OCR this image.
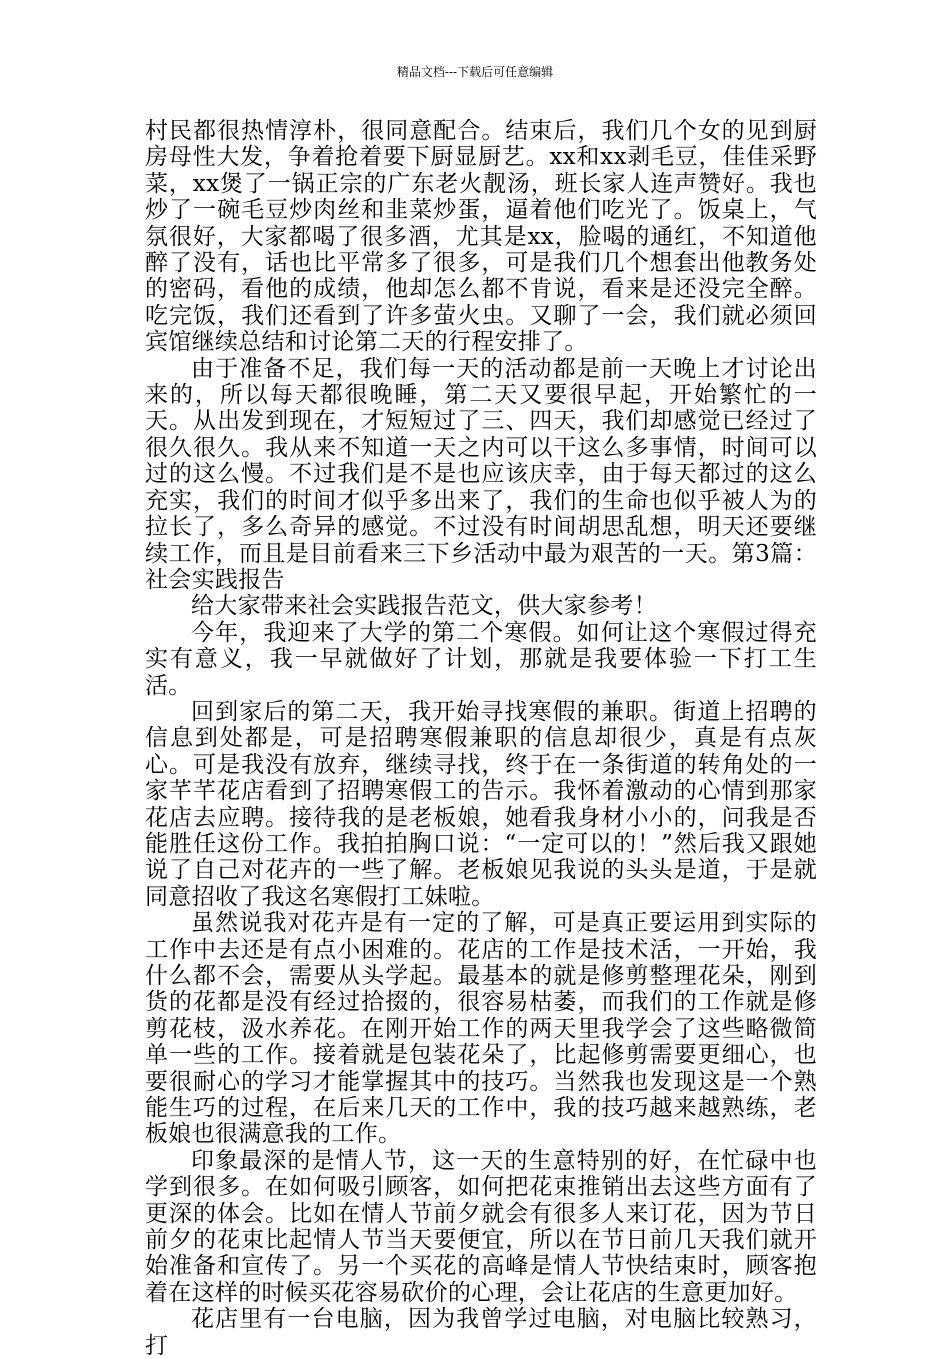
精品文档---下载后可任意编辑

村民都很热情淳朴，很同意配合。结束后，我们几个女的见到厨房母性大发，争着抢着要下厨显厨艺。xx和xx剥毛豆，佳佳采野菜，xx煲了一锅正宗的广东老火靓汤，班长家人连声赞好。我也炒了一碗毛豆炒肉丝和韭菜炒蛋，逼着他们吃光了。饭桌上，气氛很好，大家都喝了很多酒，尤其是xx，脸喝的通红，不知道他醉了没有，话也比平常多了很多，可是我们几个想套出他教务处的密码，看他的成绩，他却怎么都不肯说，看来是还没完全醉。吃完饭，我们还看到了许多萤火虫。又聊了一会，我们就必须回宾馆继续总结和讨论第二天的行程安排了。

由于准备不足，我们每一天的活动都是前一天晚上才讨论出来的，所以每天都很晚睡，第二天又要很早起，开始繁忙的一天。从出发到现在，才短短过了三、四天，我们却感觉已经过了很久很久。我从来不知道一天之内可以干这么多事情，时间可以过的这么慢。不过我们是不是也应该庆幸，由于每天都过的这么充实，我们的时间才似乎多出来了，我们的生命也似乎被人为的拉长了，多么奇异的感觉。不过没有时间胡思乱想，明天还要继续工作，而且是目前看来三下乡活动中最为艰苦的一天。第3篇：社会实践报告

给大家带来社会实践报告范文，供大家参考！

今年，我迎来了大学的第二个寒假。如何让这个寒假过得充实有意义，我一早就做好了计划，那就是我要体验一下打工生活。

回到家后的第二天，我开始寻找寒假的兼职。街道上招聘的信息到处都是，可是招聘寒假兼职的信息却很少，真是有点灰心。可是我没有放弃，继续寻找，终于在一条街道的转角处的一家芊芊花店看到了招聘寒假工的告示。我怀着激动的心情到那家花店去应聘。接待我的是老板娘，她看我身材小小的，问我是否能胜任这份工作。我拍拍胸口说：“一定可以的！”然后我又跟她说了自己对花卉的一些了解。老板娘见我说的头头是道，于是就同意招收了我这名寒假打工妹啦。

虽然说我对花卉是有一定的了解，可是真正要运用到实际的工作中去还是有点小困难的。花店的工作是技术活，一开始，我什么都不会，需要从头学起。最基本的就是修剪整理花朵，刚到货的花都是没有经过拾掇的，很容易枯萎，而我们的工作就是修剪花枝，汲水养花。在刚开始工作的两天里我学会了这些略微简单一些的工作。接着就是包装花朵了，比起修剪需要更细心，也要很耐心的学习才能掌握其中的技巧。当然我也发现这是一个熟能生巧的过程，在后来几天的工作中，我的技巧越来越熟练，老板娘也很满意我的工作。

印象最深的是情人节，这一天的生意特别的好，在忙碌中也学到很多。在如何吸引顾客，如何把花束推销出去这些方面有了更深的体会。比如在情人节前夕就会有很多人来订花，因为节日前夕的花束比起情人节当天要便宜，所以在节日前几天我们就开始准备和宣传了。另一个买花的高峰是情人节快结束时，顾客抱着在这样的时候买花容易砍价的心理，会让花店的生意更加好。

花店里有一台电脑，因为我曾学过电脑，对电脑比较熟习，打
